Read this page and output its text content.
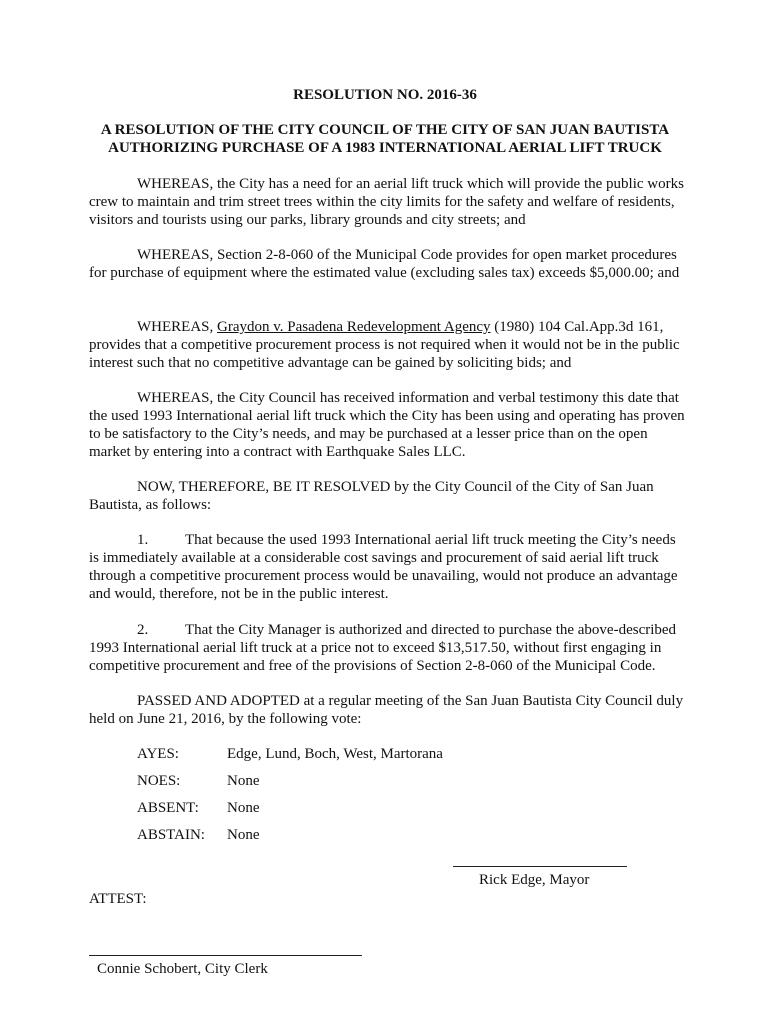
RESOLUTION NO. 2016-36
A RESOLUTION OF THE CITY COUNCIL OF THE CITY OF SAN JUAN BAUTISTA
AUTHORIZING PURCHASE OF A 1983 INTERNATIONAL AERIAL LIFT TRUCK

WHEREAS, the City has a need for an aerial lift truck which will provide the public works crew to maintain and trim street trees within the city limits for the safety and welfare of residents, visitors and tourists using our parks, library grounds and city streets; and

WHEREAS, Section 2-8-060 of the Municipal Code provides for open market procedures for purchase of equipment where the estimated value (excluding sales tax) exceeds $5,000.00; and

WHEREAS, Graydon v. Pasadena Redevelopment Agency (1980) 104 Cal.App.3d 161, provides that a competitive procurement process is not required when it would not be in the public interest such that no competitive advantage can be gained by soliciting bids; and

WHEREAS, the City Council has received information and verbal testimony this date that the used 1993 International aerial lift truck which the City has been using and operating has proven to be satisfactory to the City’s needs, and may be purchased at a lesser price than on the open market by entering into a contract with Earthquake Sales LLC.

NOW, THEREFORE, BE IT RESOLVED by the City Council of the City of San Juan Bautista, as follows:

1. That because the used 1993 International aerial lift truck meeting the City’s needs is immediately available at a considerable cost savings and procurement of said aerial lift truck through a competitive procurement process would be unavailing, would not produce an advantage and would, therefore, not be in the public interest.

2. That the City Manager is authorized and directed to purchase the above-described 1993 International aerial lift truck at a price not to exceed $13,517.50, without first engaging in competitive procurement and free of the provisions of Section 2-8-060 of the Municipal Code.

PASSED AND ADOPTED at a regular meeting of the San Juan Bautista City Council duly held on June 21, 2016, by the following vote:

AYES:	Edge, Lund, Boch, West, Martorana
NOES:	None
ABSENT: None
ABSTAIN: None
Rick Edge, Mayor
ATTEST:
Connie Schobert, City Clerk
